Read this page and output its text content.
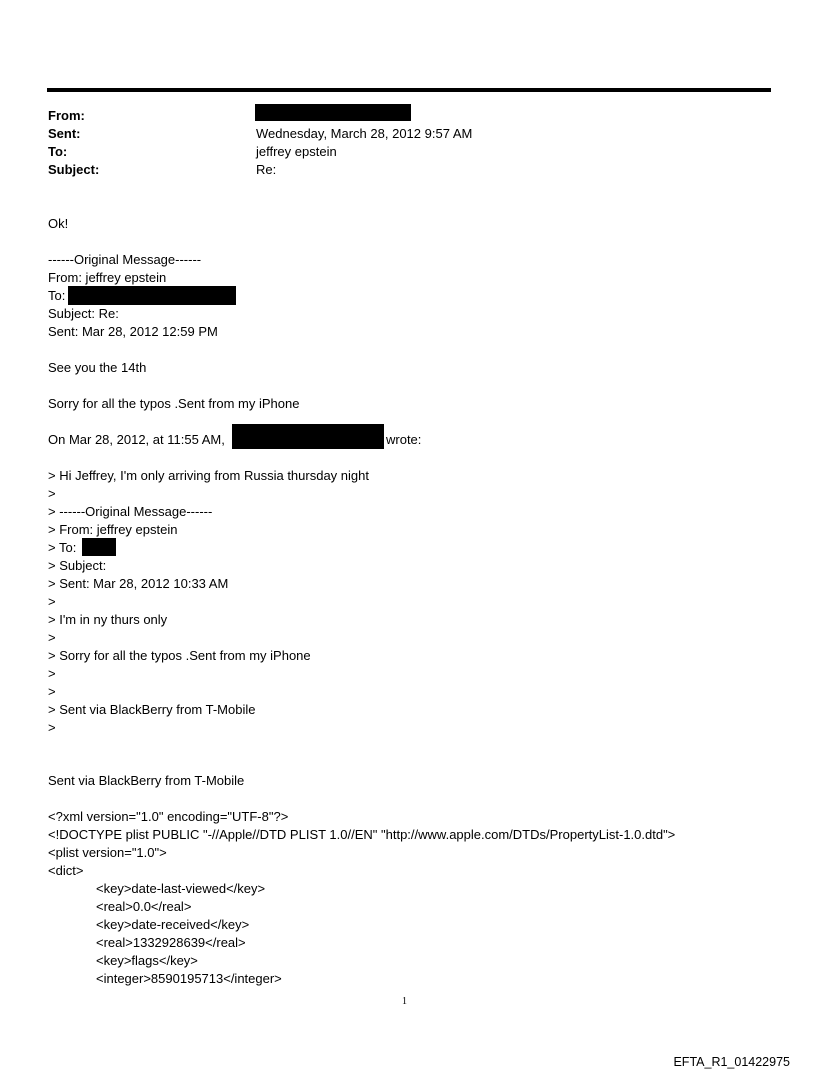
From:
Sent:	Wednesday, March 28, 2012 9:57 AM
To:	jeffrey epstein
Subject:	Re:
Ok!
------Original Message------
From: jeffrey epstein
To:
Subject: Re:
Sent: Mar 28, 2012 12:59 PM
See you the 14th
Sorry for all the typos .Sent from my iPhone
On Mar 28, 2012, at 11:55 AM,	wrote:
> Hi Jeffrey, I'm only arriving from Russia thursday night
>
> ------Original Message------
> From: jeffrey epstein
> To:
> Subject:
> Sent: Mar 28, 2012 10:33 AM
>
> I'm in ny thurs only
>
> Sorry for all the typos .Sent from my iPhone
>
>
> Sent via BlackBerry from T-Mobile
>
Sent via BlackBerry from T-Mobile
<?xml version="1.0" encoding="UTF-8"?>
<!DOCTYPE plist PUBLIC "-//Apple//DTD PLIST 1.0//EN" "http://www.apple.com/DTDs/PropertyList-1.0.dtd">
<plist version="1.0">
<dict>
<key>date-last-viewed</key>
<real>0.0</real>
<key>date-received</key>
<real>1332928639</real>
<key>flags</key>
<integer>8590195713</integer>
1
EFTA_R1_01422975
